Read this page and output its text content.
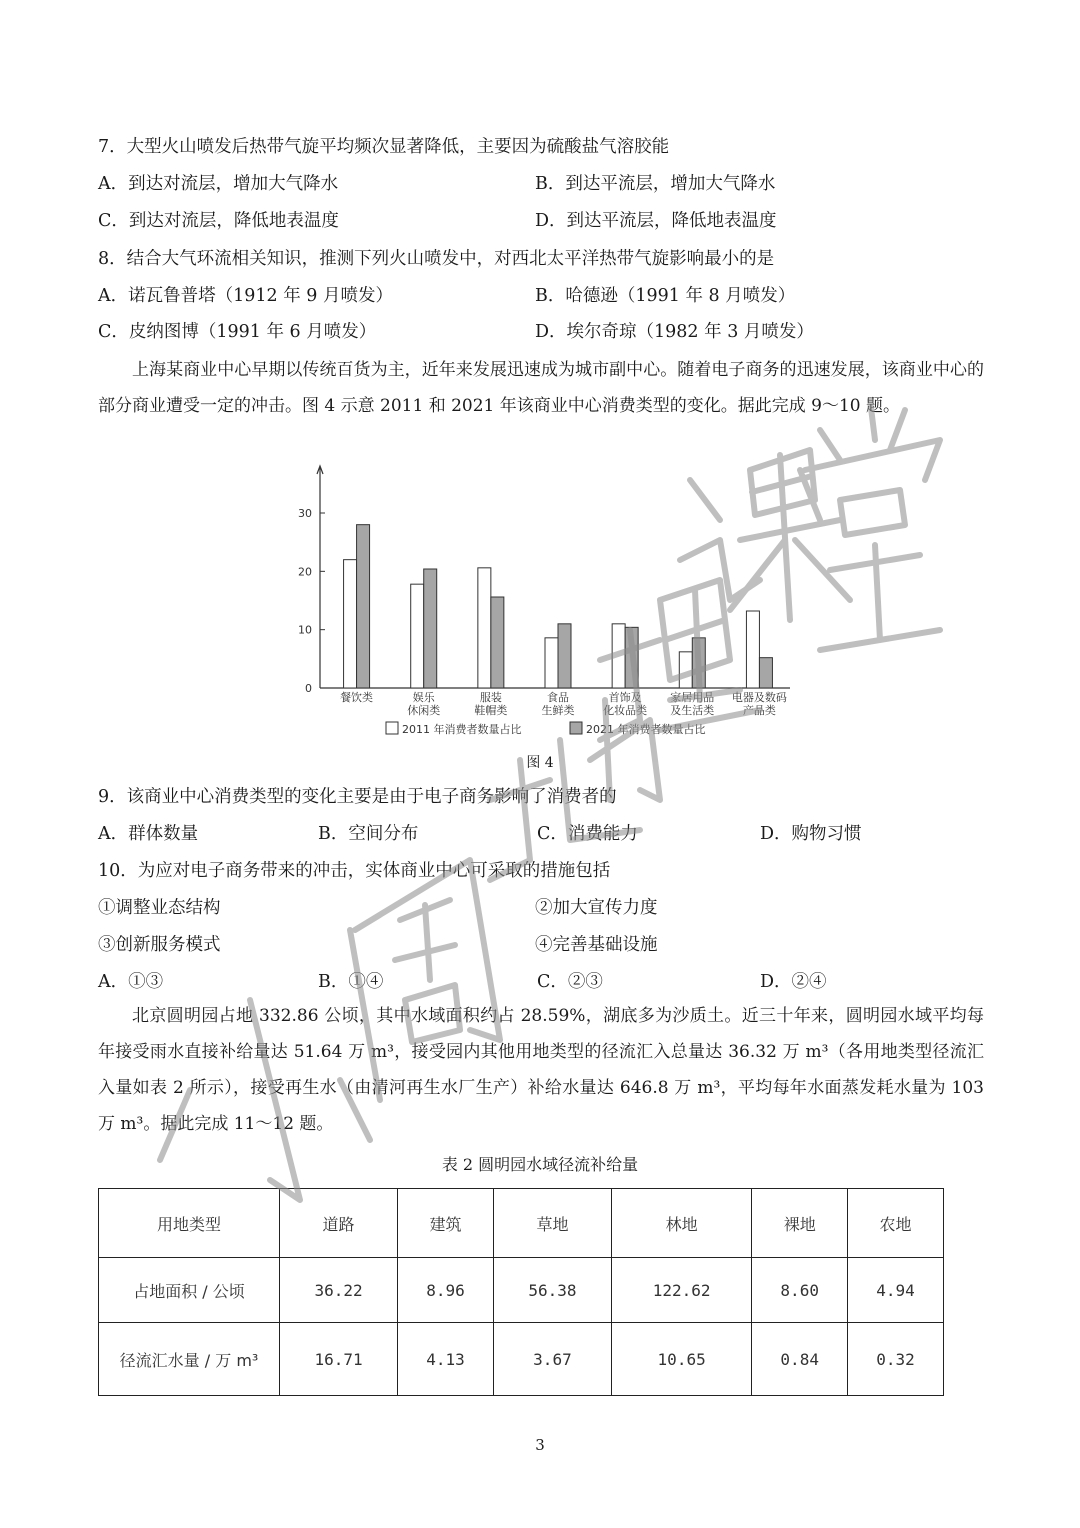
7．大型火山喷发后热带气旋平均频次显著降低，主要因为硫酸盐气溶胶能
A．到达对流层，增加大气降水	B．到达平流层，增加大气降水
C．到达对流层，降低地表温度	D．到达平流层，降低地表温度
8．结合大气环流相关知识，推测下列火山喷发中，对西北太平洋热带气旋影响最小的是
A．诺瓦鲁普塔（1912 年 9 月喷发）	B．哈德逊（1991 年 8 月喷发）
C．皮纳图博（1991 年 6 月喷发）	D．埃尔奇琼（1982 年 3 月喷发）
上海某商业中心早期以传统百货为主，近年来发展迅速成为城市副中心。随着电子商务的迅速发展，该商业中心的部分商业遭受一定的冲击。图 4 示意 2011 和 2021 年该商业中心消费类型的变化。据此完成 9～10 题。
0
10
20
30
餐饮类	娱乐
休闲类
服装
鞋帽类
食品
生鲜类
首饰及
化妆品类
家居用品
及生活类
电器及数码
产品类
2011 年消费者数量占比	2021 年消费者数量占比
图 4
9．该商业中心消费类型的变化主要是由于电子商务影响了消费者的
A．群体数量	B．空间分布	C．消费能力	D．购物习惯
10．为应对电子商务带来的冲击，实体商业中心可采取的措施包括
①调整业态结构	②加大宣传力度
③创新服务模式	④完善基础设施
A．①③	B．①④	C．②③	D．②④
北京圆明园占地 332.86 公顷，其中水域面积约占 28.59%，湖底多为沙质土。近三十年来，圆明园水域平均每年接受雨水直接补给量达 51.64 万 m³，接受园内其他用地类型的径流汇入总量达 36.32 万 m³（各用地类型径流汇入量如表 2 所示），接受再生水（由清河再生水厂生产）补给水量达 646.8 万 m³，平均每年水面蒸发耗水量为 103 万 m³。据此完成 11～12 题。
表 2 圆明园水域径流补给量
用地类型	道路	建筑	草地	林地	裸地	农地
占地面积 / 公顷	36.22	8.96	56.38	122.62	8.60	4.94
径流汇水量 / 万 m³	16.71	4.13	3.67	10.65	0.84	0.32
3
